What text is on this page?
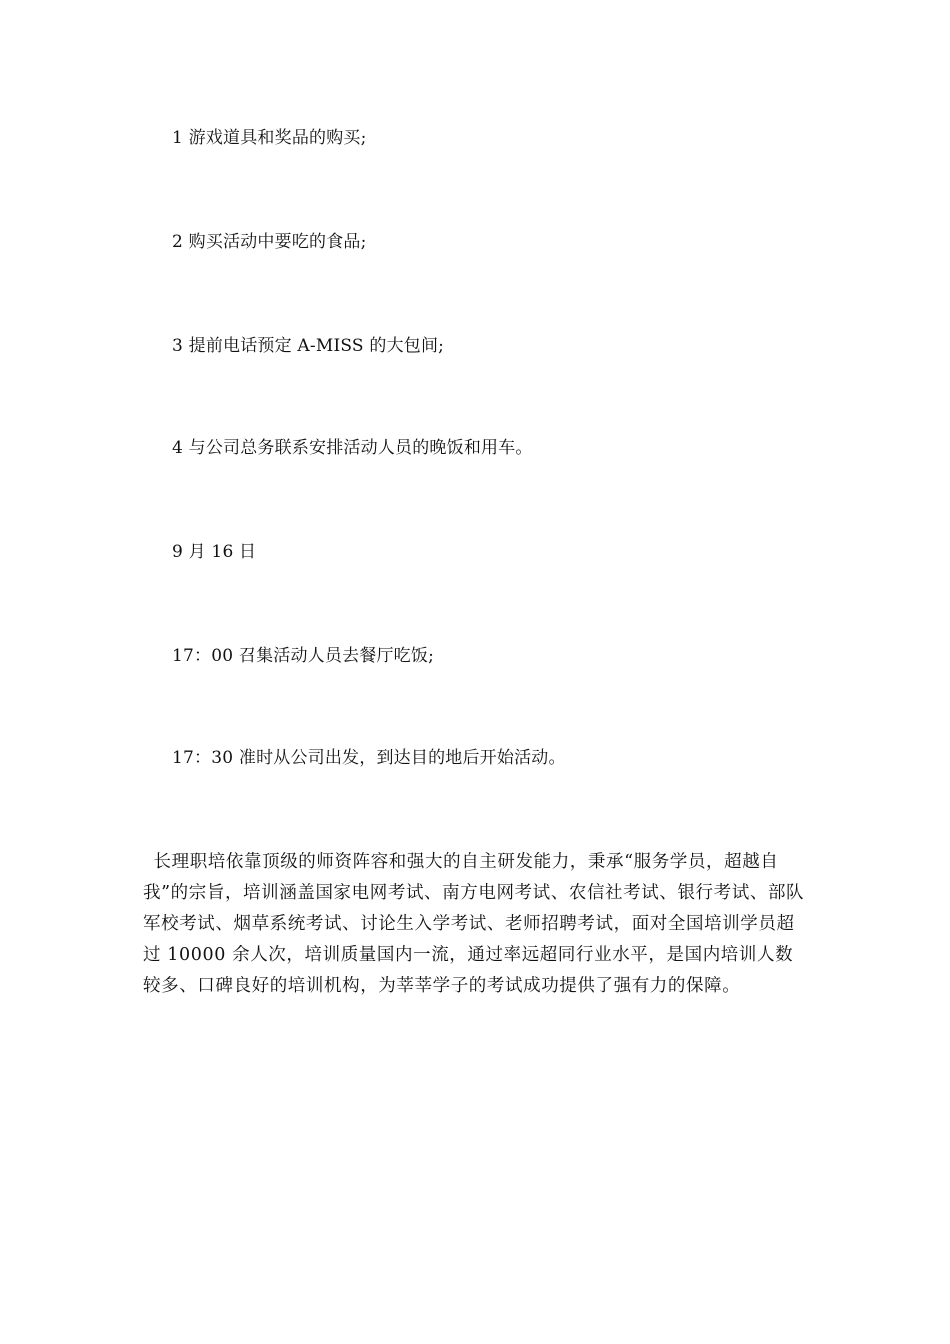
1 游戏道具和奖品的购买;
2 购买活动中要吃的食品;
3 提前电话预定 A-MISS 的大包间;
4 与公司总务联系安排活动人员的晚饭和用车。
9 月 16 日
17：00 召集活动人员去餐厅吃饭;
17：30 准时从公司出发，到达目的地后开始活动。
长理职培依靠顶级的师资阵容和强大的自主研发能力，秉承“服务学员，超越自我”的宗旨，培训涵盖国家电网考试、南方电网考试、农信社考试、银行考试、部队军校考试、烟草系统考试、讨论生入学考试、老师招聘考试，面对全国培训学员超过 10000 余人次，培训质量国内一流，通过率远超同行业水平，是国内培训人数较多、口碑良好的培训机构，为莘莘学子的考试成功提供了强有力的保障。
